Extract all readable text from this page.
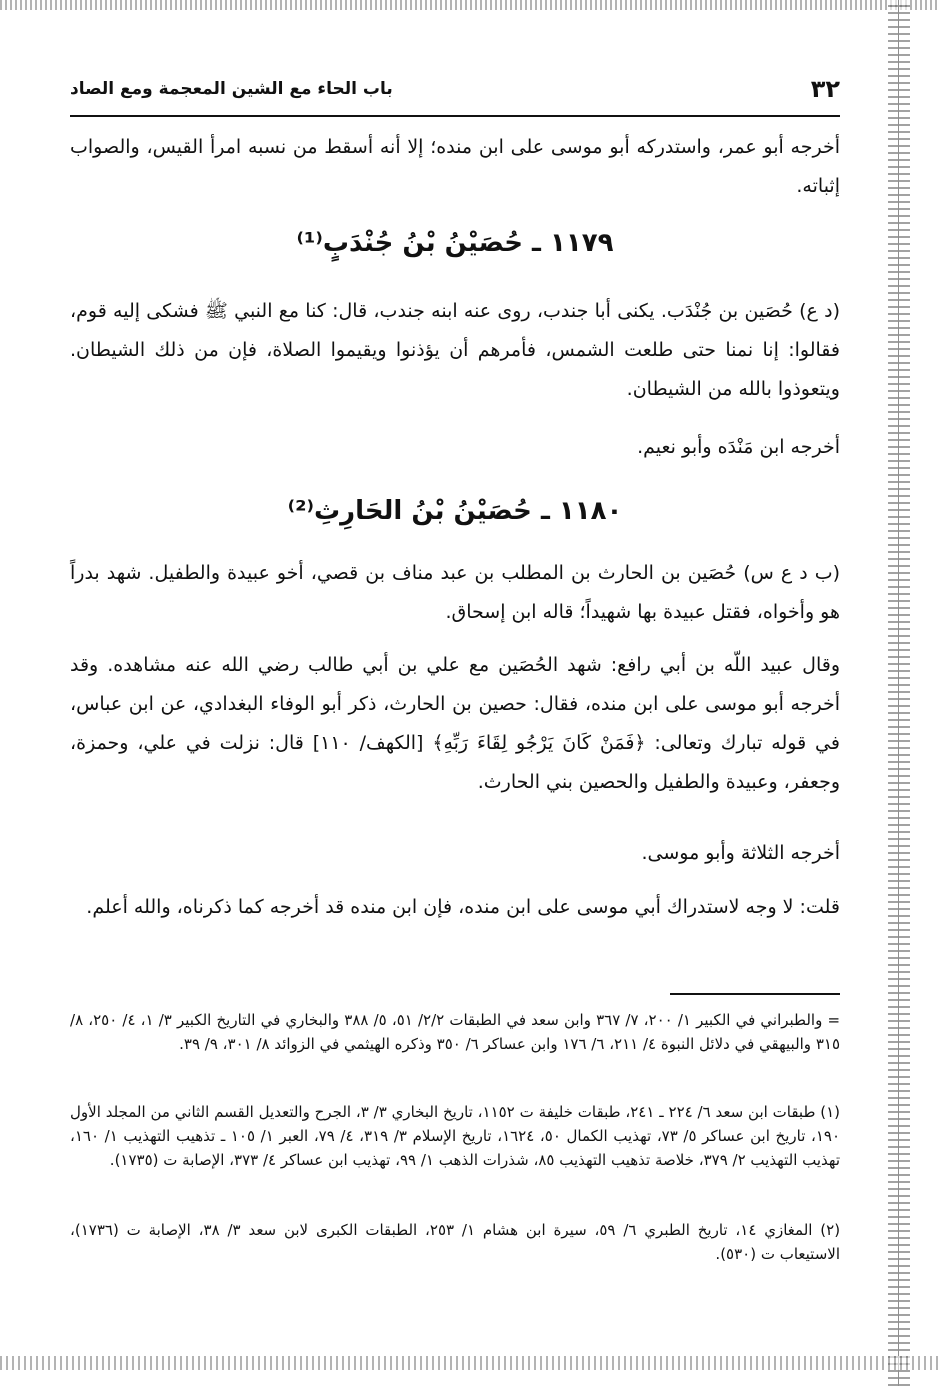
٣٢
باب الحاء مع الشين المعجمة ومع الصاد
أخرجه أبو عمر، واستدركه أبو موسى على ابن منده؛ إلا أنه أسقط من نسبه امرأ القيس، والصواب إثباته.
١١٧٩ ـ حُصَيْنُ بْنُ جُنْدَبٍ⁽¹⁾
(د ع) حُصَين بن جُنْدَب. يكنى أبا جندب، روى عنه ابنه جندب، قال: كنا مع النبي ﷺ فشكى إليه قوم، فقالوا: إنا نمنا حتى طلعت الشمس، فأمرهم أن يؤذنوا ويقيموا الصلاة، فإن من ذلك الشيطان. ويتعوذوا بالله من الشيطان.
أخرجه ابن مَنْدَه وأبو نعيم.
١١٨٠ ـ حُصَيْنُ بْنُ الحَارِثِ⁽²⁾
(ب د ع س) حُصَين بن الحارث بن المطلب بن عبد مناف بن قصي، أخو عبيدة والطفيل. شهد بدراً هو وأخواه، فقتل عبيدة بها شهيداً؛ قاله ابن إسحاق.
وقال عبيد اللّه بن أبي رافع: شهد الحُصَين مع علي بن أبي طالب رضي الله عنه مشاهده. وقد أخرجه أبو موسى على ابن منده، فقال: حصين بن الحارث، ذكر أبو الوفاء البغدادي، عن ابن عباس، في قوله تبارك وتعالى: ﴿فَمَنْ كَانَ يَرْجُو لِقَاءَ رَبِّهِ﴾ [الكهف/ ١١٠] قال: نزلت في علي، وحمزة، وجعفر، وعبيدة والطفيل والحصين بني الحارث.
أخرجه الثلاثة وأبو موسى.
قلت: لا وجه لاستدراك أبي موسى على ابن منده، فإن ابن منده قد أخرجه كما ذكرناه، والله أعلم.
= والطبراني في الكبير ١/ ٢٠٠، ٧/ ٣٦٧ وابن سعد في الطبقات ٢/٢/ ٥١، ٥/ ٣٨٨ والبخاري في التاريخ الكبير ٣/ ١، ٤/ ٢٥٠، ٨/ ٣١٥ والبيهقي في دلائل النبوة ٤/ ٢١١، ٦/ ١٧٦ وابن عساكر ٦/ ٣٥٠ وذكره الهيثمي في الزوائد ٨/ ٣٠١، ٩/ ٣٩.
(١) طبقات ابن سعد ٦/ ٢٢٤ ـ ٢٤١، طبقات خليفة ت ١١٥٢، تاريخ البخاري ٣/ ٣، الجرح والتعديل القسم الثاني من المجلد الأول ١٩٠، تاريخ ابن عساكر ٥/ ٧٣، تهذيب الكمال ٥٠، ١٦٢٤، تاريخ الإسلام ٣/ ٣١٩، ٤/ ٧٩، العبر ١/ ١٠٥ ـ تذهيب التهذيب ١/ ١٦٠، تهذيب التهذيب ٢/ ٣٧٩، خلاصة تذهيب التهذيب ٨٥، شذرات الذهب ١/ ٩٩، تهذيب ابن عساكر ٤/ ٣٧٣، الإصابة ت (١٧٣٥).
(٢) المغازي ١٤، تاريخ الطبري ٦/ ٥٩، سيرة ابن هشام ١/ ٢٥٣، الطبقات الكبرى لابن سعد ٣/ ٣٨، الإصابة ت (١٧٣٦)، الاستيعاب ت (٥٣٠).
